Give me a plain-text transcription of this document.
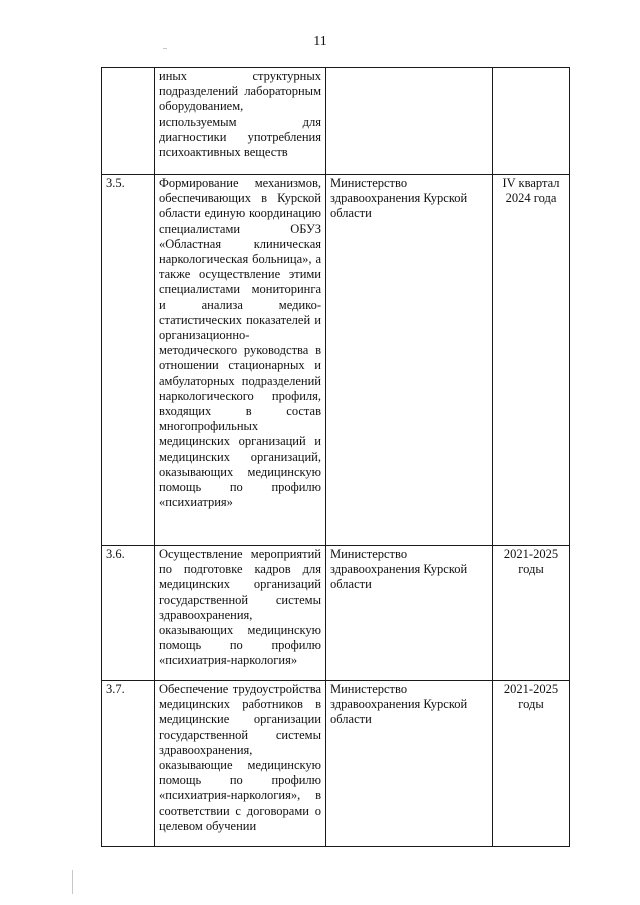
11
	иных структурных подразделений лабораторным оборудованием, используемым для диагностики употребления психоактивных веществ		
3.5.	Формирование механизмов, обеспечивающих в Курской области единую координацию специалистами ОБУЗ «Областная клиническая наркологическая больница», а также осуществление этими специалистами мониторинга и анализа медико-статистических показателей и организационно-методического руководства в отношении стационарных и амбулаторных подразделений наркологического профиля, входящих в состав многопрофильных медицинских организаций и медицинских организаций, оказывающих медицинскую помощь по профилю «психиатрия»	Министерство здравоохранения Курской области	IV квартал 2024 года
3.6.	Осуществление мероприятий по подготовке кадров для медицинских организаций государственной системы здравоохранения, оказывающих медицинскую помощь по профилю «психиатрия-наркология»	Министерство здравоохранения Курской области	2021-2025 годы
3.7.	Обеспечение трудоустройства медицинских работников в медицинские организации государственной системы здравоохранения, оказывающие медицинскую помощь по профилю «психиатрия-наркология», в соответствии с договорами о целевом обучении	Министерство здравоохранения Курской области	2021-2025 годы
